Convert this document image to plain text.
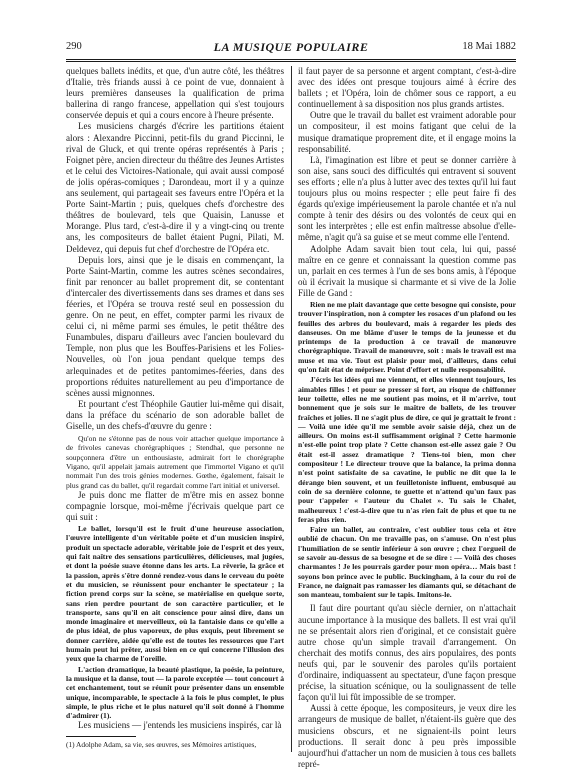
290	LA MUSIQUE POPULAIRE	18 Mai 1882

quelques ballets inédits, et que, d'un autre côté, les théâtres d'Italie, très friands aussi à ce point de vue, donnaient à leurs premières danseuses la qualification de prima ballerina di rango francese, appellation qui s'est toujours conservée depuis et qui a cours encore à l'heure présente.

Les musiciens chargés d'écrire les partitions étaient alors : Alexandre Piccinni, petit-fils du grand Piccinni, le rival de Gluck, et qui trente opéras représentés à Paris ; Foignet père, ancien directeur du théâtre des Jeunes Artistes et le celui des Victoires-Nationale, qui avait aussi composé de jolis opéras-comiques ; Darondeau, mort il y a quinze ans seulement, qui partageait ses faveurs entre l'Opéra et la Porte Saint-Martin ; puis, quelques chefs d'orchestre des théâtres de boulevard, tels que Quaisin, Lanusse et Morange. Plus tard, c'est-à-dire il y a vingt-cinq ou trente ans, les compositeurs de ballet étaient Pugni, Pilati, M. Deldevez, qui depuis fut chef d'orchestre de l'Opéra etc.

Depuis lors, ainsi que je le disais en commençant, la Porte Saint-Martin, comme les autres scènes secondaires, finit par renoncer au ballet proprement dit, se contentant d'intercaler des divertissements dans ses drames et dans ses féeries, et l'Opéra se trouva resté seul en possession du genre. On ne peut, en effet, compter parmi les rivaux de celui ci, ni même parmi ses émules, le petit théâtre des Funambules, disparu d'ailleurs avec l'ancien boulevard du Temple, non plus que les Bouffes-Parisiens et les Folies-Nouvelles, où l'on joua pendant quelque temps des arlequinades et de petites pantomimes-féeries, dans des proportions réduites naturellement au peu d'importance de scènes aussi mignonnes.

Et pourtant c'est Théophile Gautier lui-même qui disait, dans la préface du scénario de son adorable ballet de Giselle, un des chefs-d'œuvre du genre :

Qu'on ne s'étonne pas de nous voir attacher quelque importance à de frivoles canevas chorégraphiques ; Stendhal, que personne ne soupçonnera d'être un enthousiaste, admirait fort le chorégraphe Vigano, qu'il appelait jamais autrement que l'immortel Vigano et qu'il nommait l'un des trois génies modernes. Gœthe, également, faisait le plus grand cas du ballet, qu'il regardait comme l'art initial et universel.

Je puis donc me flatter de m'être mis en assez bonne compagnie lorsque, moi-même j'écrivais quelque part ce qui suit :

Le ballet, lorsqu'il est le fruit d'une heureuse association, l'œuvre intelligente d'un véritable poète et d'un musicien inspiré, produit un spectacle adorable, véritable joie de l'esprit et des yeux, qui fait naître des sensations particulières, délicieuses, mal jugées, et dont la poésie suave étonne dans les arts. La rêverie, la grâce et la passion, après s'être donné rendez-vous dans le cerveau du poète et du musicien, se réunissent pour enchanter le spectateur ; la fiction prend corps sur la scène, se matérialise en quelque sorte, sans rien perdre pourtant de son caractère particulier, et le transporte, sans qu'il en ait conscience pour ainsi dire, dans un monde imaginaire et merveilleux, où la fantaisie dans ce qu'elle a de plus idéal, de plus vaporeux, de plus exquis, peut librement se donner carrière, aidée qu'elle est de toutes les ressources que l'art humain peut lui prêter, aussi bien en ce qui concerne l'illusion des yeux que la charme de l'oreille.

L'action dramatique, la beauté plastique, la poésie, la peinture, la musique et la danse, tout — la parole exceptée — tout concourt à cet enchantement, tout se réunit pour présenter dans un ensemble unique, incomparable, le spectacle à la fois le plus complet, le plus simple, le plus riche et le plus naturel qu'il soit donné à l'homme d'admirer (1).

Les musiciens — j'entends les musiciens inspirés, car là

(1) Adolphe Adam, sa vie, ses œuvres, ses Mémoires artistiques,

il faut payer de sa personne et argent comptant, c'est-à-dire avec des idées ont presque toujours aimé à écrire des ballets ; et l'Opéra, loin de chômer sous ce rapport, a eu continuellement à sa disposition nos plus grands artistes.

Outre que le travail du ballet est vraiment adorable pour un compositeur, il est moins fatigant que celui de la musique dramatique proprement dite, et il engage moins la responsabilité.

Là, l'imagination est libre et peut se donner carrière à son aise, sans souci des difficultés qui entravent si souvent ses efforts ; elle n'a plus à lutter avec des textes qu'il lui faut toujours plus ou moins respecter ; elle peut faire fi des égards qu'exige impérieusement la parole chantée et n'a nul compte à tenir des désirs ou des volontés de ceux qui en sont les interprètes ; elle est enfin maîtresse absolue d'elle-même, n'agit qu'à sa guise et se meut comme elle l'entend.

Adolphe Adam savait bien tout cela, lui qui, passé maître en ce genre et connaissant la question comme pas un, parlait en ces termes à l'un de ses bons amis, à l'époque où il écrivait la musique si charmante et si vive de la Jolie Fille de Gand :

Rien ne me plait davantage que cette besogne qui consiste, pour trouver l'inspiration, non à compter les rosaces d'un plafond ou les feuilles des arbres du boulevard, mais à regarder les pieds des danseuses. On me blâme d'user le temps de la jeunesse et du printemps de la production à ce travail de manœuvre chorégraphique. Travail de manœuvre, soit : mais le travail est ma muse et ma vie. Tout est plaisir pour moi, d'ailleurs, dans celui qu'on fait état de mépriser. Point d'effort et nulle responsabilité.

J'écris les idées qui me viennent, et elles viennent toujours, les aimables filles ! et pour se presser si fort, au risque de chiffonner leur toilette, elles ne me soutient pas moins, et il m'arrive, tout bonnement que je sois sur le maître de ballets, de les trouver fraîches et jolies. Il ne s'agit plus de dire, ce qui je grattait le front : — Voilà une idée qu'il me semble avoir saisie déjà, chez un de ailleurs. On moins est-il suffisamment original ? Cette harmonie n'est-elle point trop plate ? Cette chanson est-elle assez gaie ? Ou était est-il assez dramatique ? Tiens-toi bien, mon cher compositeur ! Le directeur trouve que la balance, la prima donna n'est point satisfaite de sa cavatine, le public ne dit que la le dérange bien souvent, et un feuilletoniste influent, embusqué au coin de sa dernière colonne, te guette et n'attend qu'un faux pas pour t'appeler « l'auteur du Chalet ». Tu sais le Chalet, malheureux ! c'est-à-dire que tu n'as rien fait de plus et que tu ne feras plus rien.

Faire un ballet, au contraire, c'est oublier tous cela et être oublié de chacun. On me travaille pas, on s'amuse. On n'est plus l'humiliation de se sentir inférieur à son œuvre ; chez l'orgueil de se savoir au-dessus de sa besogne et de se dire : — Voilà des choses charmantes ! Je les pourrais garder pour mon opéra… Mais bast ! soyons bon prince avec le public. Buckingham, à la cour du roi de France, ne daignait pas ramasser les diamants qui, se détachant de son manteau, tombaient sur le tapis. Imitons-le.

Il faut dire pourtant qu'au siècle dernier, on n'attachait aucune importance à la musique des ballets. Il est vrai qu'il ne se présentait alors rien d'original, et ce consistait guère autre chose qu'un simple travail d'arrangement. On cherchait des motifs connus, des airs populaires, des ponts neufs qui, par le souvenir des paroles qu'ils portaient d'ordinaire, indiquassent au spectateur, d'une façon presque précise, la situation scénique, ou la soulignassent de telle façon qu'il lui fût impossible de se tromper.

Aussi à cette époque, les compositeurs, je veux dire les arrangeurs de musique de ballet, n'étaient-ils guère que des musiciens obscurs, et ne signaient-ils point leurs productions. Il serait donc à peu près impossible aujourd'hui d'attacher un nom de musicien à tous ces ballets repré-
